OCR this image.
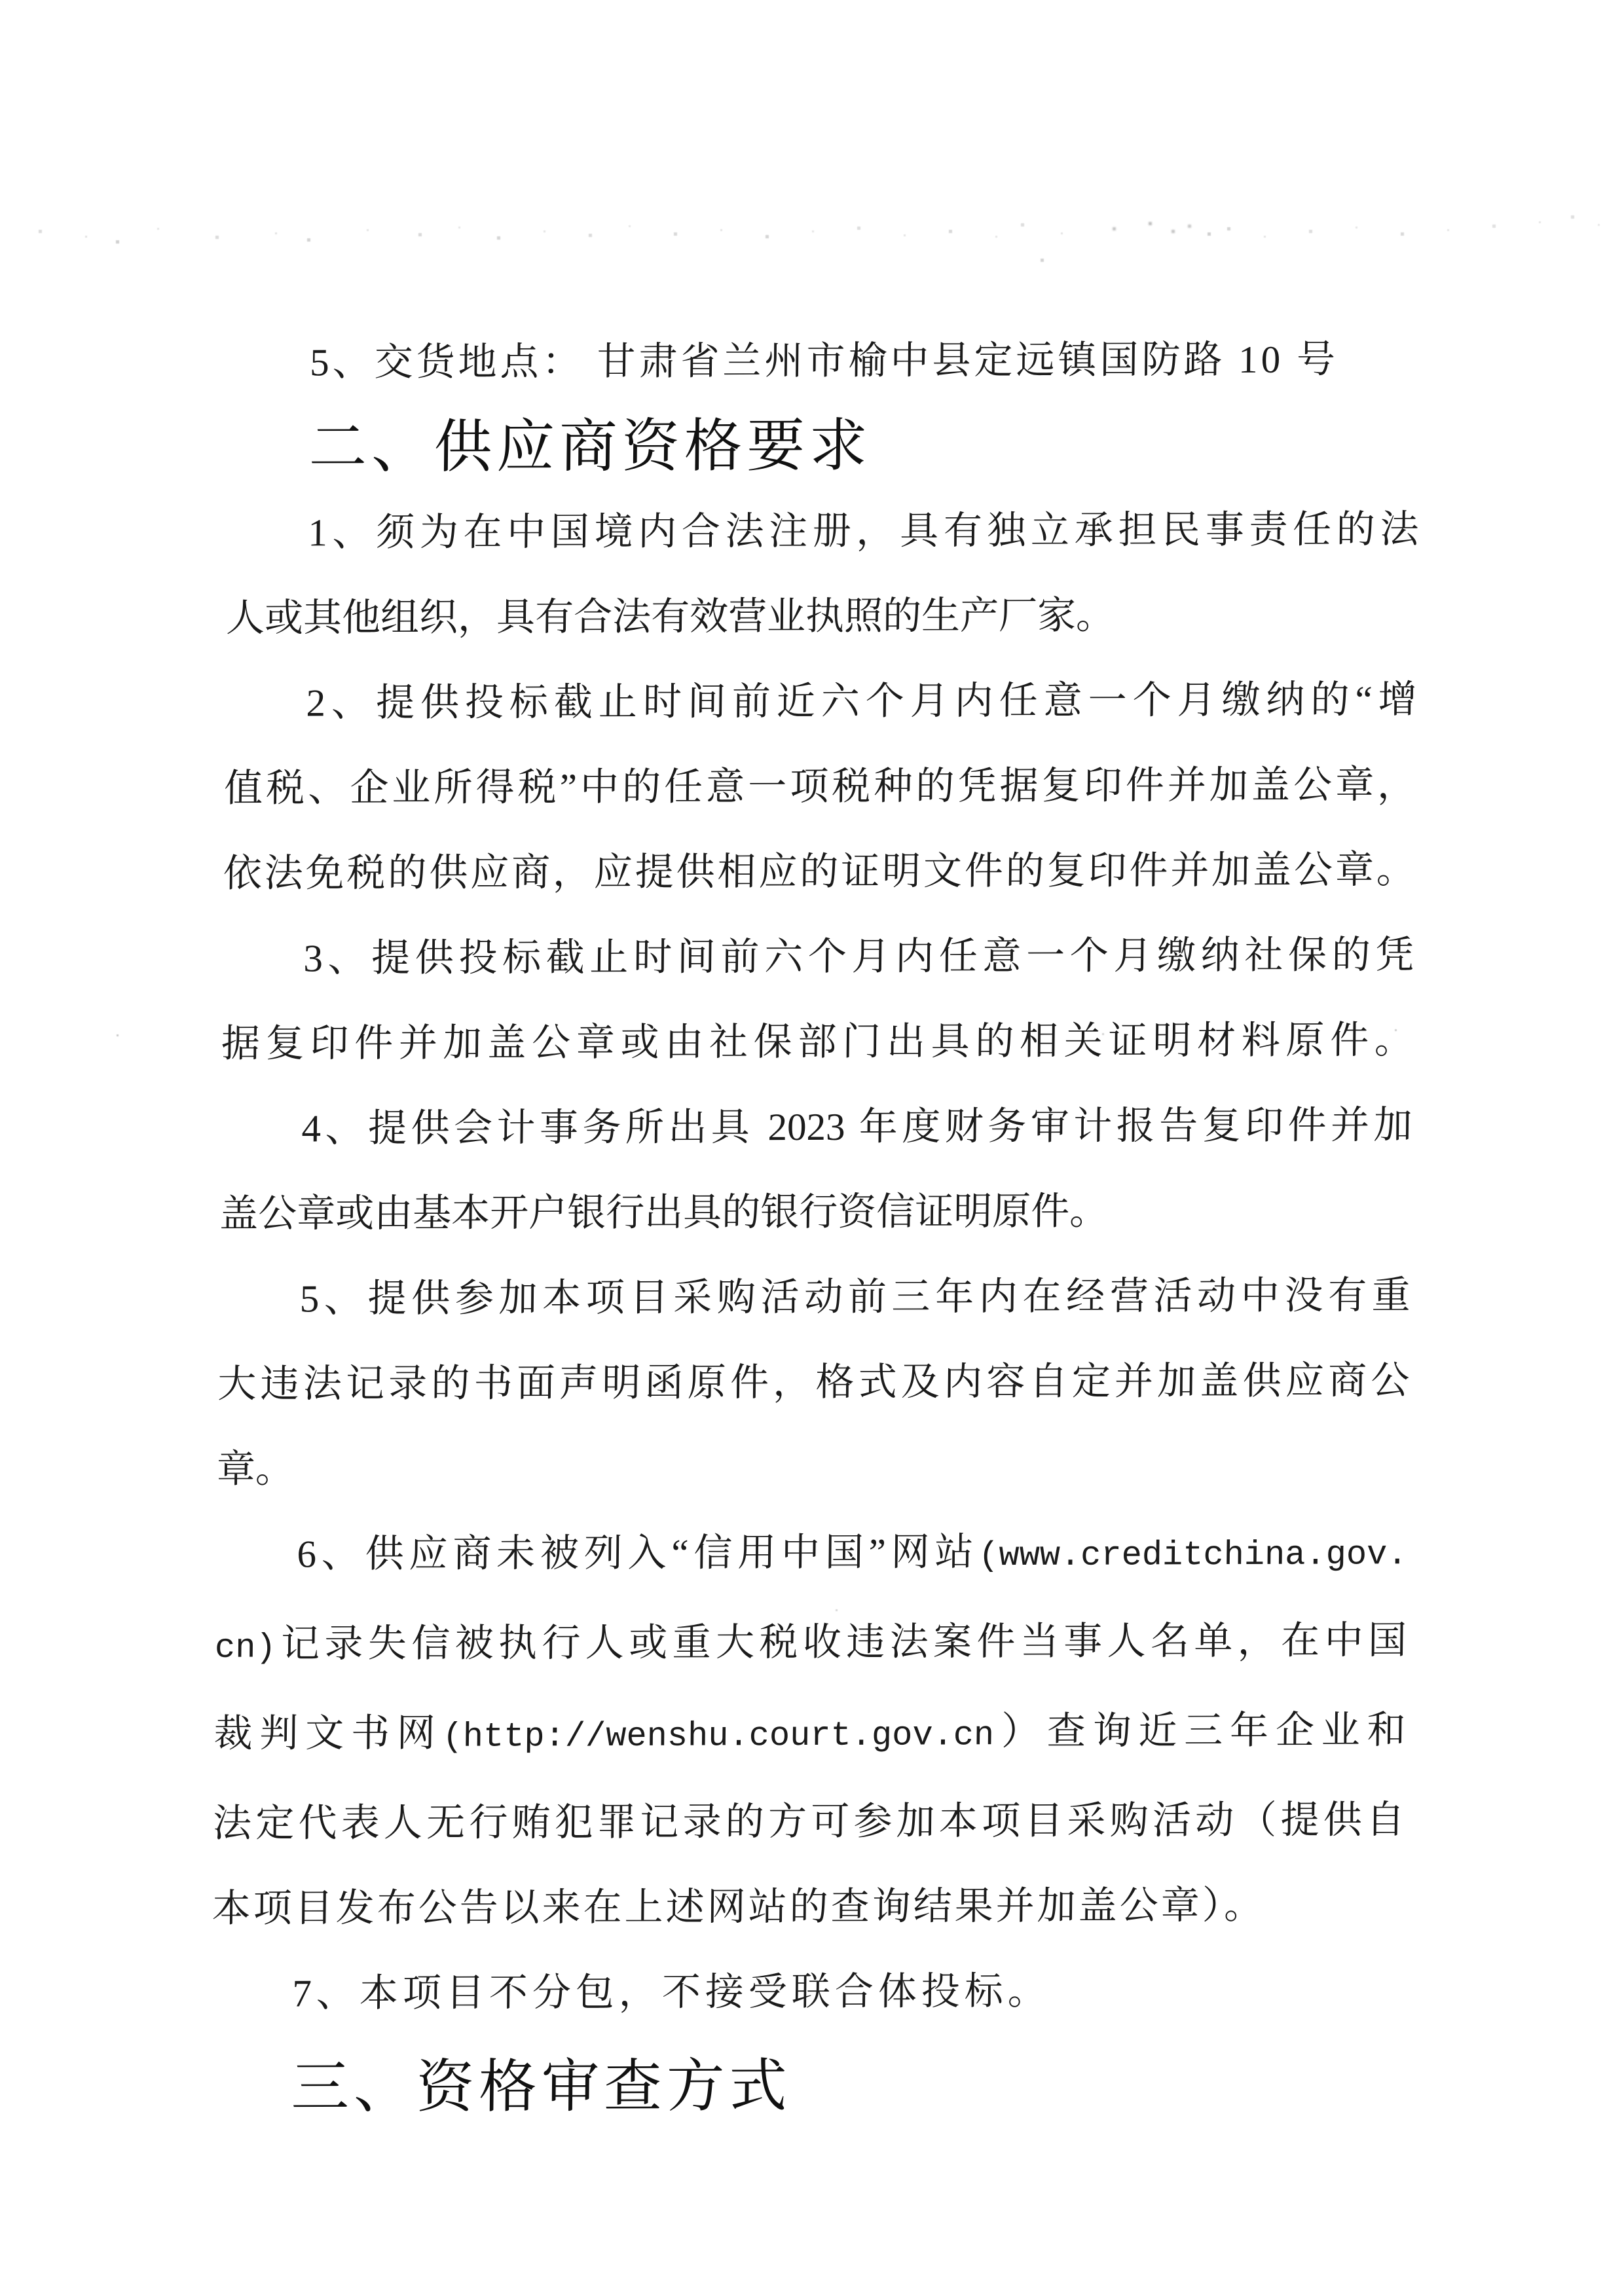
5、交货地点： 甘肃省兰州市榆中县定远镇国防路 10 号

二、供应商资格要求

1、须为在中国境内合法注册，具有独立承担民事责任的法

人或其他组织，具有合法有效营业执照的生产厂家。

2、提供投标截止时间前近六个月内任意一个月缴纳的“增

值税、企业所得税”中的任意一项税种的凭据复印件并加盖公章，

依法免税的供应商，应提供相应的证明文件的复印件并加盖公章。

3、提供投标截止时间前六个月内任意一个月缴纳社保的凭

据复印件并加盖公章或由社保部门出具的相关证明材料原件。

4、提供会计事务所出具 2023 年度财务审计报告复印件并加

盖公章或由基本开户银行出具的银行资信证明原件。

5、提供参加本项目采购活动前三年内在经营活动中没有重

大违法记录的书面声明函原件，格式及内容自定并加盖供应商公

章。

6、供应商未被列入“信用中国”网站(www.creditchina.gov.

cn)记录失信被执行人或重大税收违法案件当事人名单，在中国

裁判文书网(http://wenshu.court.gov.cn）查询近三年企业和

法定代表人无行贿犯罪记录的方可参加本项目采购活动（提供自

本项目发布公告以来在上述网站的查询结果并加盖公章）。

7、本项目不分包，不接受联合体投标。

三、资格审查方式
